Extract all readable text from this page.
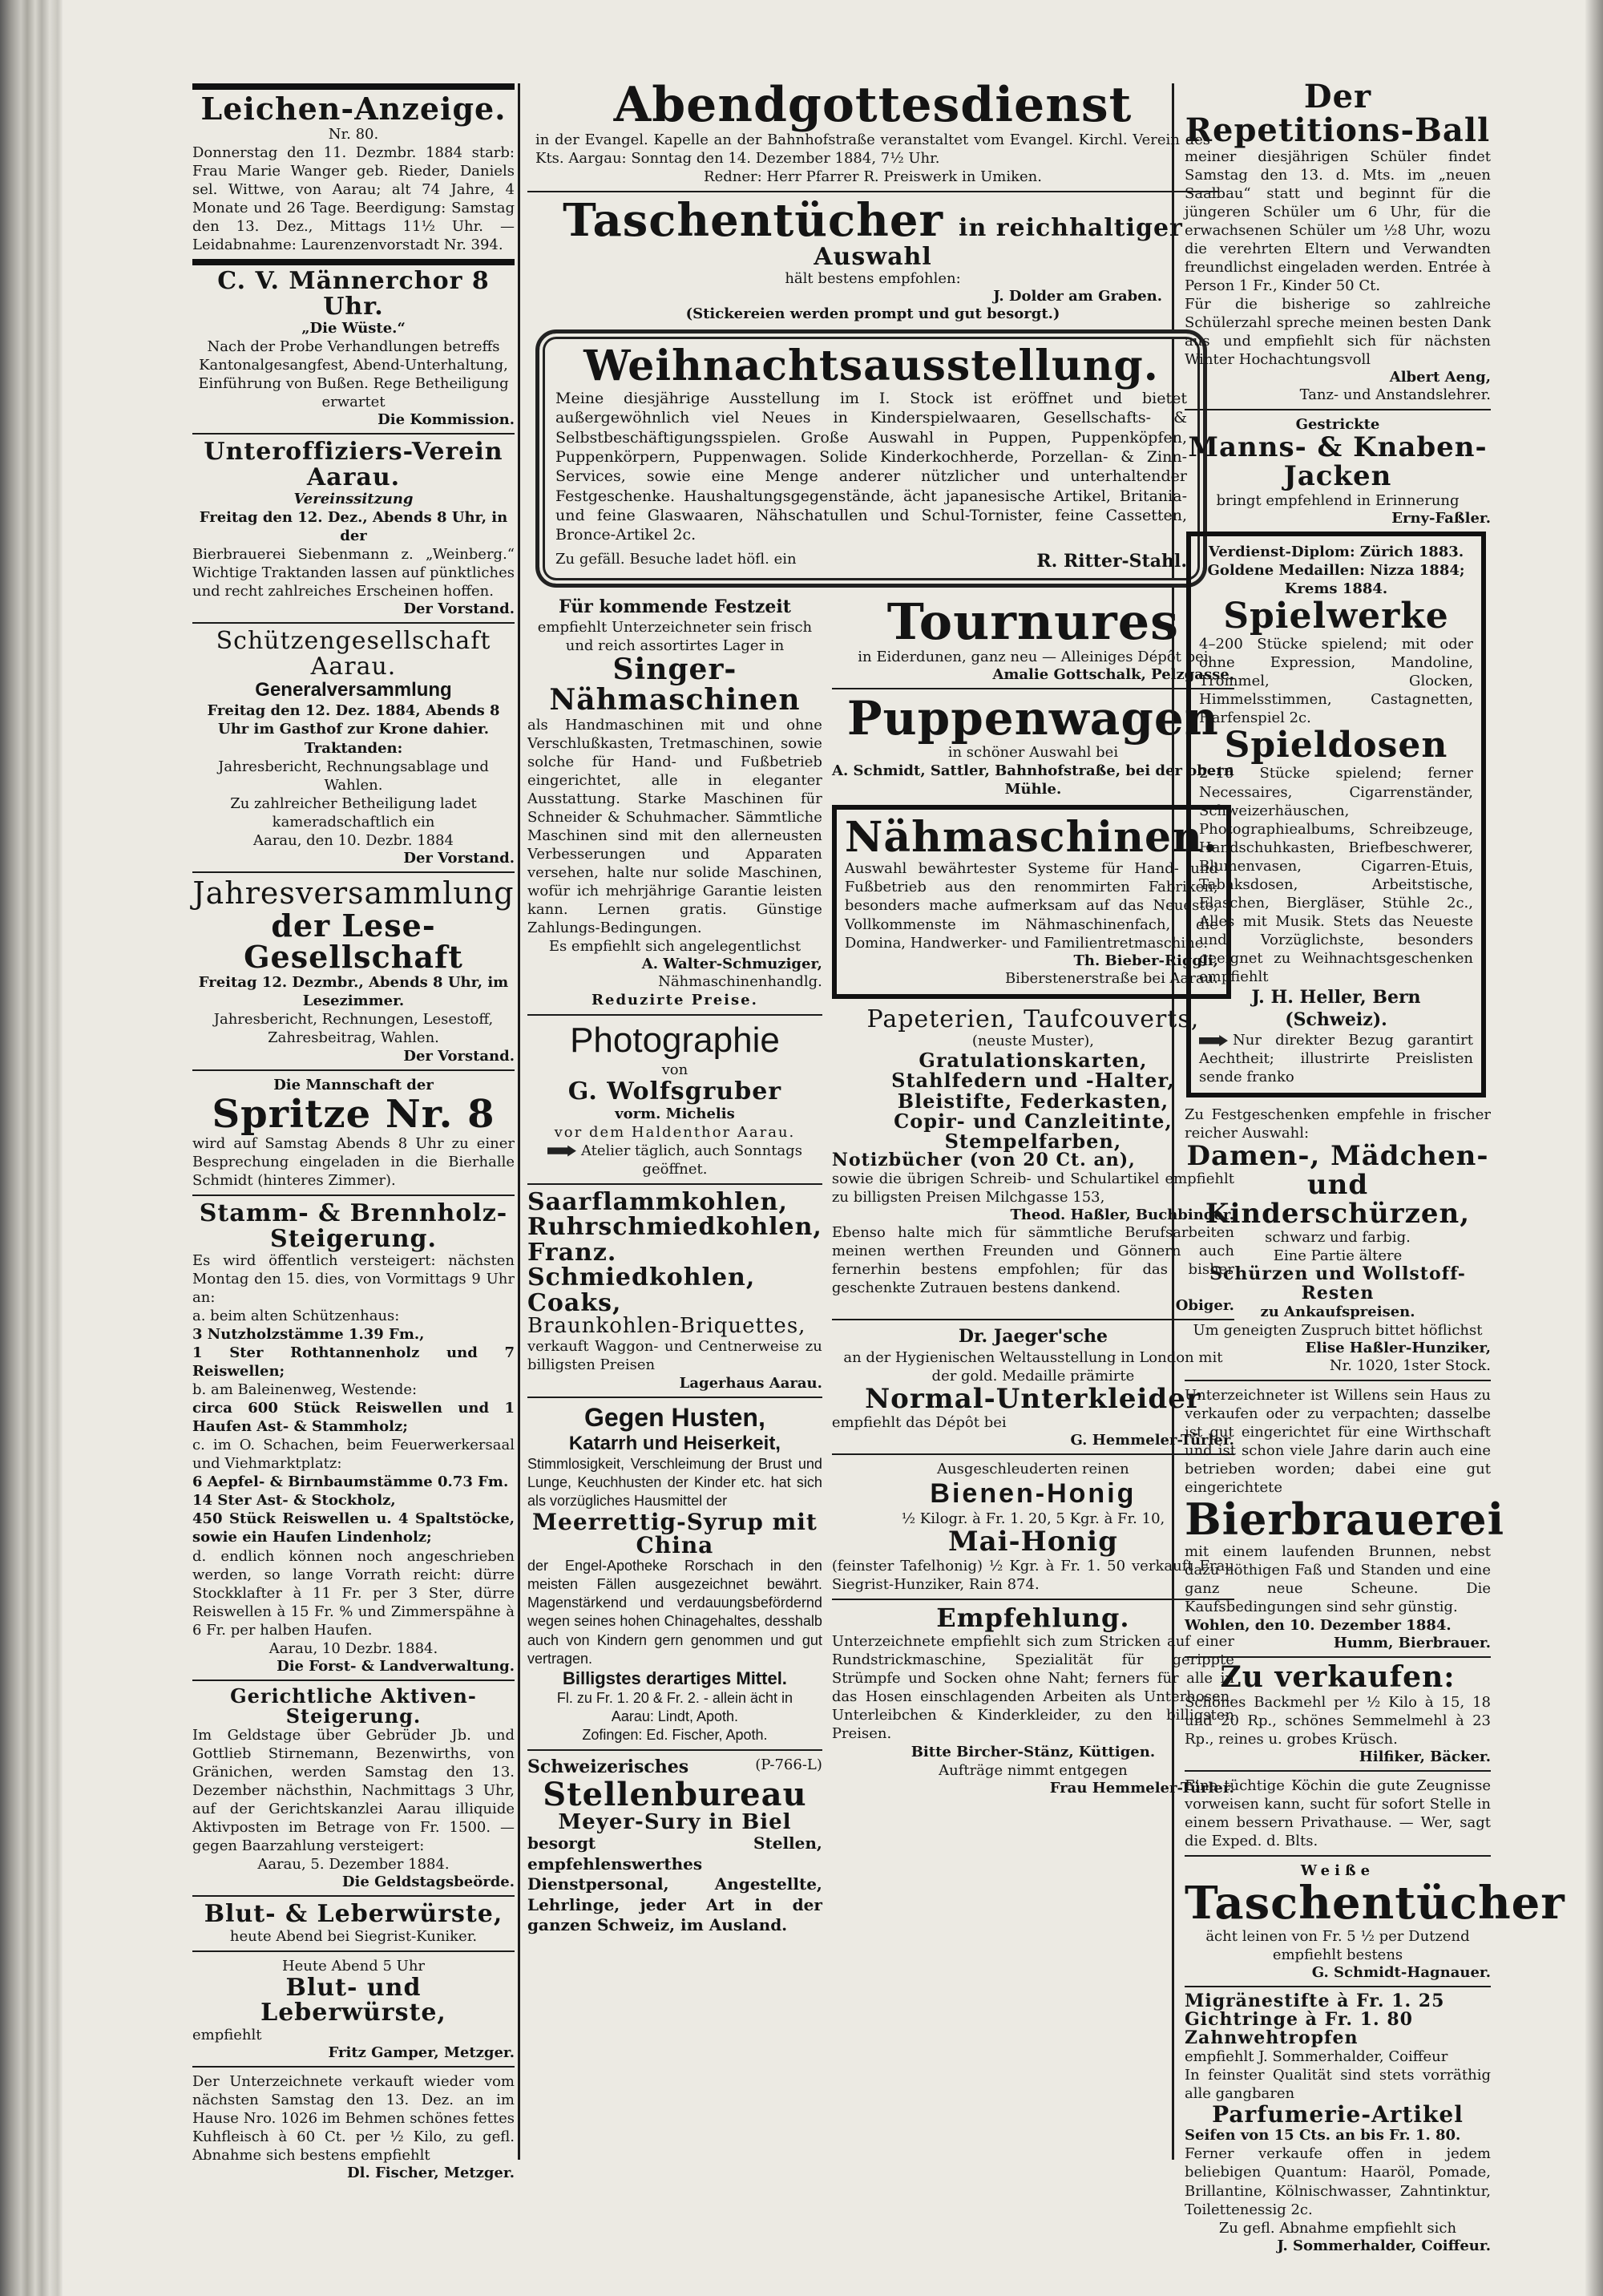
Leichen-Anzeige.
Nr. 80.
Donnerstag den 11. Dezmbr. 1884 starb: Frau Marie Wanger geb. Rieder, Daniels sel. Wittwe, von Aarau; alt 74 Jahre, 4 Monate und 26 Tage. Beerdigung: Samstag den 13. Dez., Mittags 11½ Uhr. — Leidabnahme: Laurenzenvorstadt Nr. 394.
C. V. Männerchor 8 Uhr.
„Die Wüste.“
Nach der Probe Verhandlungen betreffs Kantonalgesangfest, Abend-Unterhaltung, Einführung von Bußen. Rege Betheiligung erwartet
Die Kommission.
Unteroffiziers-Verein Aarau.
Vereinssitzung
Freitag den 12. Dez., Abends 8 Uhr, in der
Bierbrauerei Siebenmann z. „Weinberg.“ Wichtige Traktanden lassen auf pünktliches und recht zahlreiches Erscheinen hoffen.
Der Vorstand.
Schützengesellschaft Aarau.
Generalversammlung
Freitag den 12. Dez. 1884, Abends 8 Uhr im Gasthof zur Krone dahier.
Traktanden:
Jahresbericht, Rechnungsablage und Wahlen.
Zu zahlreicher Betheiligung ladet kameradschaftlich ein
Aarau, den 10. Dezbr. 1884
Der Vorstand.
Jahresversammlung
der Lese-Gesellschaft
Freitag 12. Dezmbr., Abends 8 Uhr, im Lesezimmer.
Jahresbericht, Rechnungen, Lesestoff, Zahresbeitrag, Wahlen.
Der Vorstand.
Die Mannschaft der
Spritze Nr. 8
wird auf Samstag Abends 8 Uhr zu einer Besprechung eingeladen in die Bierhalle Schmidt (hinteres Zimmer).
Stamm- & Brennholz-Steigerung.
Es wird öffentlich versteigert: nächsten Montag den 15. dies, von Vormittags 9 Uhr an:
a. beim alten Schützenhaus:
3 Nutzholzstämme 1.39 Fm.,
1 Ster Rothtannenholz und 7 Reiswellen;
b. am Baleinenweg, Westende:
circa 600 Stück Reiswellen und 1 Haufen Ast- & Stammholz;
c. im O. Schachen, beim Feuerwerkersaal und Viehmarktplatz:
6 Aepfel- & Birnbaumstämme 0.73 Fm.
14 Ster Ast- & Stockholz,
450 Stück Reiswellen u. 4 Spaltstöcke, sowie ein Haufen Lindenholz;
d. endlich können noch angeschrieben werden, so lange Vorrath reicht: dürre Stockklafter à 11 Fr. per 3 Ster, dürre Reiswellen à 15 Fr. % und Zimmerspähne à 6 Fr. per halben Haufen.
Aarau, 10 Dezbr. 1884.
Die Forst- & Landverwaltung.
Gerichtliche Aktiven-Steigerung.
Im Geldstage über Gebrüder Jb. und Gottlieb Stirnemann, Bezenwirths, von Gränichen, werden Samstag den 13. Dezember nächsthin, Nachmittags 3 Uhr, auf der Gerichtskanzlei Aarau illiquide Aktivposten im Betrage von Fr. 1500. — gegen Baarzahlung versteigert:
Aarau, 5. Dezember 1884.
Die Geldstagsbeörde.
Blut- & Leberwürste,
heute Abend bei Siegrist-Kuniker.
Heute Abend 5 Uhr
Blut- und Leberwürste,
empfiehlt
Fritz Gamper, Metzger.
Der Unterzeichnete verkauft wieder vom nächsten Samstag den 13. Dez. an im Hause Nro. 1026 im Behmen schönes fettes Kuhfleisch à 60 Ct. per ½ Kilo, zu gefl. Abnahme sich bestens empfiehlt
Dl. Fischer, Metzger.
Abendgottesdienst
in der Evangel. Kapelle an der Bahnhofstraße veranstaltet vom Evangel. Kirchl. Verein des Kts. Aargau: Sonntag den 14. Dezember 1884, 7½ Uhr.
Redner: Herr Pfarrer R. Preiswerk in Umiken.
Taschentücher in reichhaltiger Auswahl
hält bestens empfohlen:
J. Dolder am Graben.
(Stickereien werden prompt und gut besorgt.)
Weihnachtsausstellung.
Meine diesjährige Ausstellung im I. Stock ist eröffnet und bietet außergewöhnlich viel Neues in Kinderspielwaaren, Gesellschafts- & Selbstbeschäftigungsspielen. Große Auswahl in Puppen, Puppenköpfen, Puppenkörpern, Puppenwagen. Solide Kinderkochherde, Porzellan- & Zinn-Services, sowie eine Menge anderer nützlicher und unterhaltender Festgeschenke. Haushaltungsgegenstände, ächt japanesische Artikel, Britania- und feine Glaswaaren, Nähschatullen und Schul-Tornister, feine Cassetten, Bronce-Artikel 2c.
Zu gefäll. Besuche ladet höfl. ein	R. Ritter-Stahl.
Für kommende Festzeit
empfiehlt Unterzeichneter sein frisch und reich assortirtes Lager in
Singer-Nähmaschinen
als Handmaschinen mit und ohne Verschlußkasten, Tretmaschinen, sowie solche für Hand- und Fußbetrieb eingerichtet, alle in eleganter Ausstattung. Starke Maschinen für Schneider & Schuhmacher. Sämmtliche Maschinen sind mit den allerneusten Verbesserungen und Apparaten versehen, halte nur solide Maschinen, wofür ich mehrjährige Garantie leisten kann. Lernen gratis. Günstige Zahlungs-Bedingungen.
Es empfiehlt sich angelegentlichst
A. Walter-Schmuziger,
Nähmaschinenhandlg.
Reduzirte Preise.
Photographie
von
G. Wolfsgruber
vorm. Michelis
vor dem Haldenthor Aarau.
Atelier täglich, auch Sonntags geöffnet.
Saarflammkohlen,
Ruhrschmiedkohlen,
Franz. Schmiedkohlen,
Coaks,
Braunkohlen-Briquettes,
verkauft Waggon- und Centnerweise zu billigsten Preisen
Lagerhaus Aarau.
Gegen Husten,
Katarrh und Heiserkeit,
Stimmlosigkeit, Verschleimung der Brust und Lunge, Keuchhusten der Kinder etc. hat sich als vorzügliches Hausmittel der
Meerrettig-Syrup mit China
der Engel-Apotheke Rorschach in den meisten Fällen ausgezeichnet bewährt. Magenstärkend und verdauungsbefördernd wegen seines hohen Chinagehaltes, desshalb auch von Kindern gern genommen und gut vertragen.
Billigstes derartiges Mittel.
Fl. zu Fr. 1. 20 & Fr. 2. - allein ächt in
Aarau: Lindt, Apoth.
Zofingen: Ed. Fischer, Apoth.
Schweizerisches	(P-766-L)
Stellenbureau
Meyer-Sury in Biel
besorgt Stellen, empfehlenswerthes Dienstpersonal, Angestellte, Lehrlinge, jeder Art in der ganzen Schweiz, im Ausland.
Tournures
in Eiderdunen, ganz neu — Alleiniges Dépôt bei
Amalie Gottschalk, Pelzgasse.
Puppenwagen
in schöner Auswahl bei
A. Schmidt, Sattler, Bahnhofstraße, bei der obern Mühle.
Nähmaschinen.
Auswahl bewährtester Systeme für Hand- und Fußbetrieb aus den renommirten Fabriken; besonders mache aufmerksam auf das Neueste, Vollkommenste im Nähmaschinenfach, die Domina, Handwerker- und Familientretmaschine.
Th. Bieber-Riggli,
Biberstenerstraße bei Aarau.
Papeterien, Taufcouverts,
(neuste Muster),
Gratulationskarten,
Stahlfedern und -Halter,
Bleistifte, Federkasten,
Copir- und Canzleitinte,
Stempelfarben,
Notizbücher (von 20 Ct. an),
sowie die übrigen Schreib- und Schulartikel empfiehlt zu billigsten Preisen Milchgasse 153,
Theod. Haßler, Buchbinder.
Ebenso halte mich für sämmtliche Berufsarbeiten meinen werthen Freunden und Gönnern auch fernerhin bestens empfohlen; für das bisher geschenkte Zutrauen bestens dankend.
Obiger.
Dr. Jaeger'sche
an der Hygienischen Weltausstellung in London mit der gold. Medaille prämirte
Normal-Unterkleider
empfiehlt das Dépôt bei
G. Hemmeler-Türler.
Ausgeschleuderten reinen
Bienen-Honig
½ Kilogr. à Fr. 1. 20, 5 Kgr. à Fr. 10,
Mai-Honig
(feinster Tafelhonig) ½ Kgr. à Fr. 1. 50 verkauft Frau Siegrist-Hunziker, Rain 874.
Empfehlung.
Unterzeichnete empfiehlt sich zum Stricken auf einer Rundstrickmaschine, Spezialität für gerippte Strümpfe und Socken ohne Naht; ferners für alle in das Hosen einschlagenden Arbeiten als Unterhosen, Unterleibchen & Kinderkleider, zu den billigsten Preisen.
Bitte Bircher-Stänz, Küttigen.
Aufträge nimmt entgegen
Frau Hemmeler-Türler.
Der Repetitions-Ball
meiner diesjährigen Schüler findet Samstag den 13. d. Mts. im „neuen Saalbau“ statt und beginnt für die jüngeren Schüler um 6 Uhr, für die erwachsenen Schüler um ½8 Uhr, wozu die verehrten Eltern und Verwandten freundlichst eingeladen werden. Entrée à Person 1 Fr., Kinder 50 Ct.
Für die bisherige so zahlreiche Schülerzahl spreche meinen besten Dank aus und empfiehlt sich für nächsten Winter Hochachtungsvoll
Albert Aeng,
Tanz- und Anstandslehrer.
Gestrickte
Manns- & Knaben-Jacken
bringt empfehlend in Erinnerung
Erny-Faßler.
Verdienst-Diplom: Zürich 1883. Goldene Medaillen: Nizza 1884; Krems 1884.
Spielwerke
4–200 Stücke spielend; mit oder ohne Expression, Mandoline, Trommel, Glocken, Himmelsstimmen, Castagnetten, Harfenspiel 2c.
Spieldosen
2–16 Stücke spielend; ferner Necessaires, Cigarrenständer, Schweizerhäuschen, Photographiealbums, Schreibzeuge, Handschuhkasten, Briefbeschwerer, Blumenvasen, Cigarren-Etuis, Tabaksdosen, Arbeitstische, Flaschen, Biergläser, Stühle 2c., Alles mit Musik. Stets das Neueste und Vorzüglichste, besonders geeignet zu Weihnachtsgeschenken empfiehlt
J. H. Heller, Bern (Schweiz).
Nur direkter Bezug garantirt Aechtheit; illustrirte Preislisten sende franko
Zu Festgeschenken empfehle in frischer reicher Auswahl:
Damen-, Mädchen- und Kinderschürzen,
schwarz und farbig.
Eine Partie ältere
Schürzen und Wollstoff-Resten
zu Ankaufspreisen.
Um geneigten Zuspruch bittet höflichst
Elise Haßler-Hunziker,
Nr. 1020, 1ster Stock.
Unterzeichneter ist Willens sein Haus zu verkaufen oder zu verpachten; dasselbe ist gut eingerichtet für eine Wirthschaft und ist schon viele Jahre darin auch eine betrieben worden; dabei eine gut eingerichtete
Bierbrauerei
mit einem laufenden Brunnen, nebst dazu nöthigen Faß und Standen und eine ganz neue Scheune. Die Kaufsbedingungen sind sehr günstig.
Wohlen, den 10. Dezember 1884.
Humm, Bierbrauer.
Zu verkaufen:
Schönes Backmehl per ½ Kilo à 15, 18 und 20 Rp., schönes Semmelmehl à 23 Rp., reines u. grobes Krüsch.
Hilfiker, Bäcker.
Eine tüchtige Köchin die gute Zeugnisse vorweisen kann, sucht für sofort Stelle in einem bessern Privathause. — Wer, sagt die Exped. d. Blts.
Weiße
Taschentücher
ächt leinen von Fr. 5 ½ per Dutzend empfiehlt bestens
G. Schmidt-Hagnauer.
Migränestifte à Fr. 1. 25
Gichtringe à Fr. 1. 80
Zahnwehtropfen
empfiehlt J. Sommerhalder, Coiffeur
In feinster Qualität sind stets vorräthig alle gangbaren
Parfumerie-Artikel
Seifen von 15 Cts. an bis Fr. 1. 80.
Ferner verkaufe offen in jedem beliebigen Quantum: Haaröl, Pomade, Brillantine, Kölnischwasser, Zahntinktur, Toilettenessig 2c.
Zu gefl. Abnahme empfiehlt sich
J. Sommerhalder, Coiffeur.
